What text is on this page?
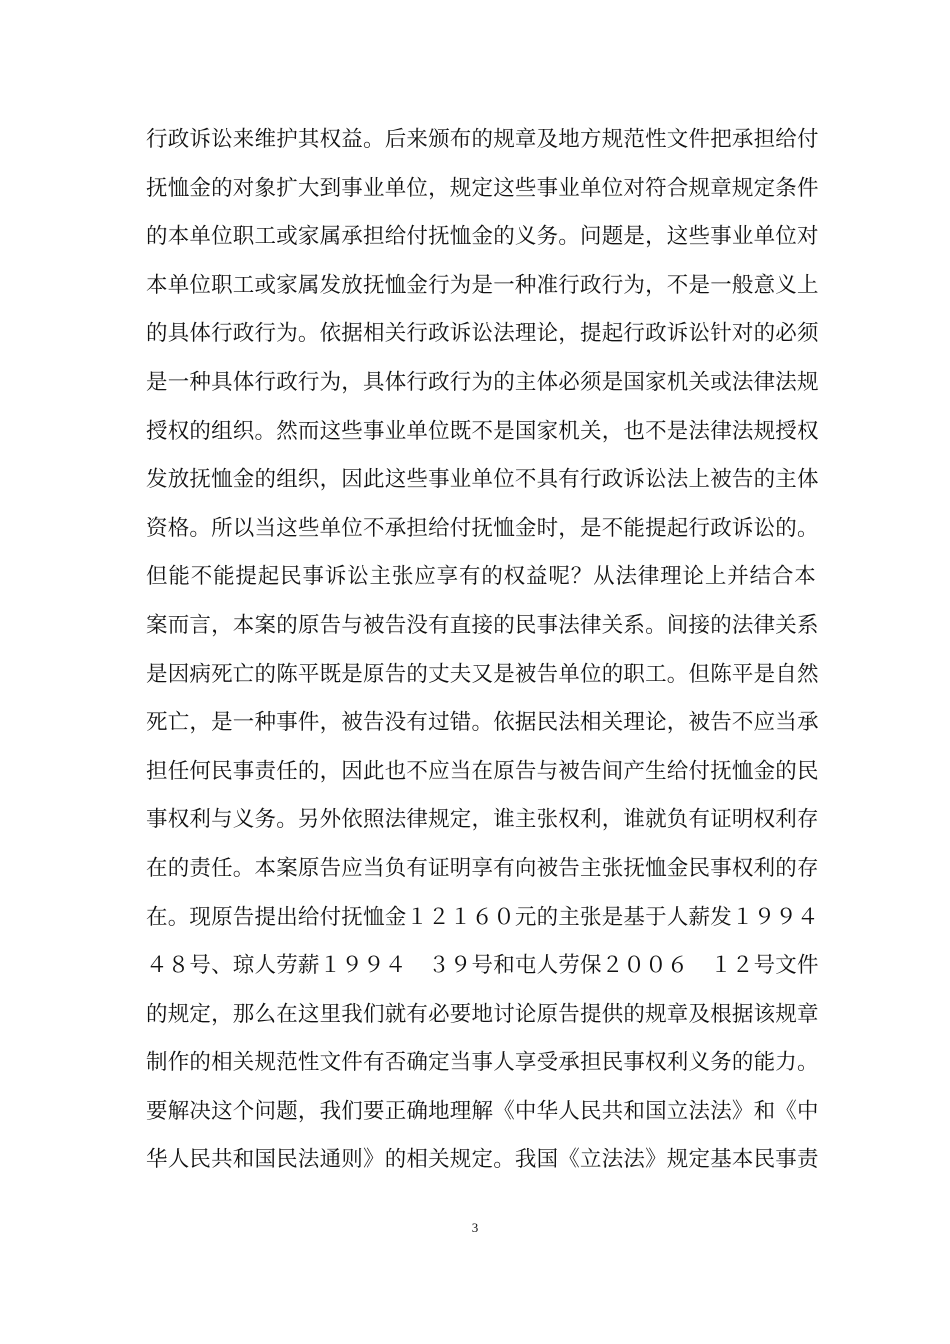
行政诉讼来维护其权益。后来颁布的规章及地方规范性文件把承担给付
抚恤金的对象扩大到事业单位，规定这些事业单位对符合规章规定条件
的本单位职工或家属承担给付抚恤金的义务。问题是，这些事业单位对
本单位职工或家属发放抚恤金行为是一种准行政行为，不是一般意义上
的具体行政行为。依据相关行政诉讼法理论，提起行政诉讼针对的必须
是一种具体行政行为，具体行政行为的主体必须是国家机关或法律法规
授权的组织。然而这些事业单位既不是国家机关，也不是法律法规授权
发放抚恤金的组织，因此这些事业单位不具有行政诉讼法上被告的主体
资格。所以当这些单位不承担给付抚恤金时，是不能提起行政诉讼的。
但能不能提起民事诉讼主张应享有的权益呢？从法律理论上并结合本
案而言，本案的原告与被告没有直接的民事法律关系。间接的法律关系
是因病死亡的陈平既是原告的丈夫又是被告单位的职工。但陈平是自然
死亡，是一种事件，被告没有过错。依据民法相关理论，被告不应当承
担任何民事责任的，因此也不应当在原告与被告间产生给付抚恤金的民
事权利与义务。另外依照法律规定，谁主张权利，谁就负有证明权利存
在的责任。本案原告应当负有证明享有向被告主张抚恤金民事权利的存
在。现原告提出给付抚恤金１２１６０元的主张是基于人薪发１９９４
４８号、琼人劳薪１９９４　３９号和屯人劳保２００６　１２号文件
的规定，那么在这里我们就有必要地讨论原告提供的规章及根据该规章
制作的相关规范性文件有否确定当事人享受承担民事权利义务的能力。
要解决这个问题，我们要正确地理解《中华人民共和国立法法》和《中
华人民共和国民法通则》的相关规定。我国《立法法》规定基本民事责
3
